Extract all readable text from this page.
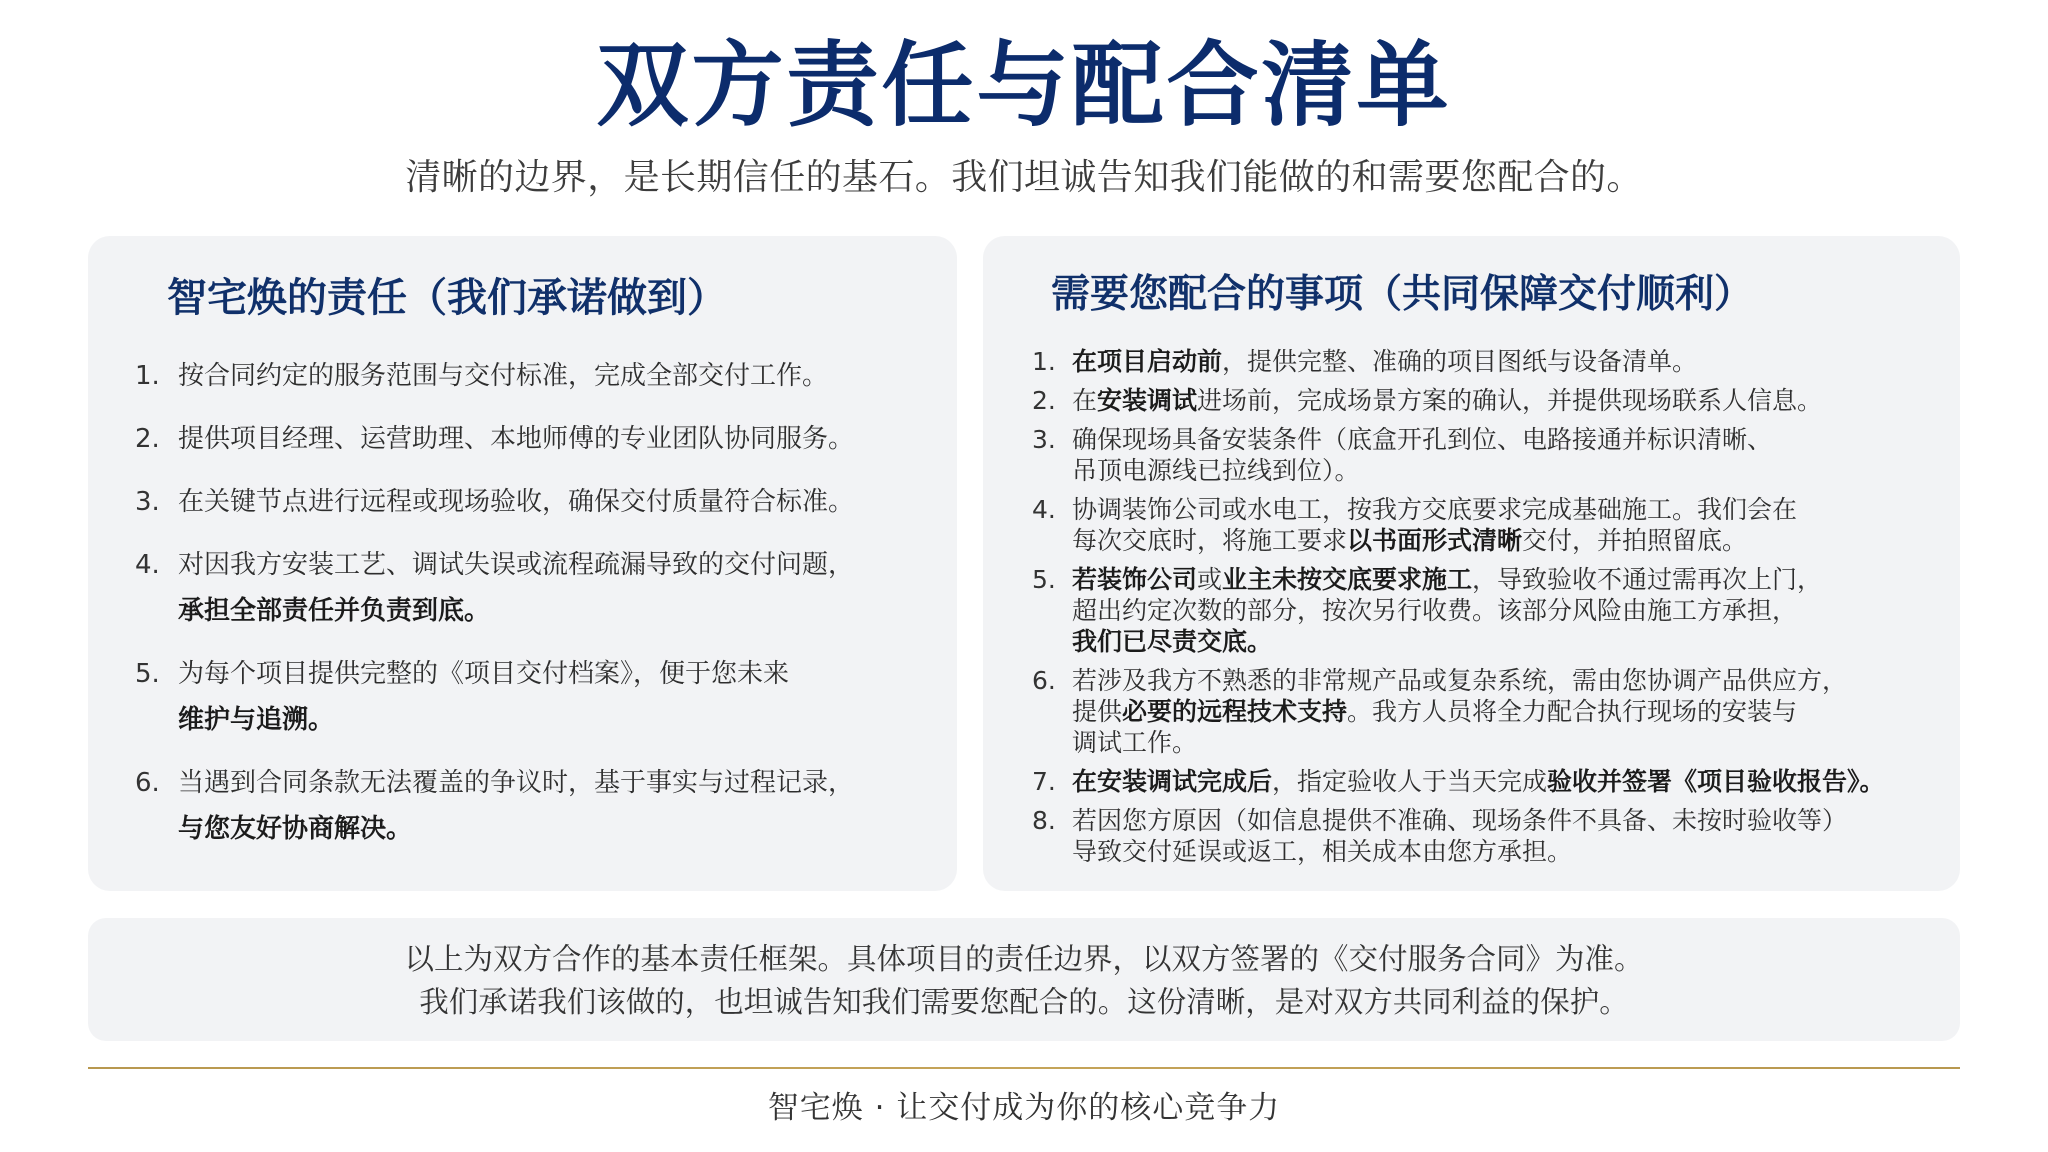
双方责任与配合清单

清晰的边界，是长期信任的基石。我们坦诚告知我们能做的和需要您配合的。

智宅焕的责任（我们承诺做到）
1. 按合同约定的服务范围与交付标准，完成全部交付工作。
2. 提供项目经理、运营助理、本地师傅的专业团队协同服务。
3. 在关键节点进行远程或现场验收，确保交付质量符合标准。
4. 对因我方安装工艺、调试失误或流程疏漏导致的交付问题，
承担全部责任并负责到底。
5. 为每个项目提供完整的《项目交付档案》，便于您未来
维护与追溯。
6. 当遇到合同条款无法覆盖的争议时，基于事实与过程记录，
与您友好协商解决。
需要您配合的事项（共同保障交付顺利）
1. 在项目启动前，提供完整、准确的项目图纸与设备清单。
2. 在安装调试进场前，完成场景方案的确认，并提供现场联系人信息。
3. 确保现场具备安装条件（底盒开孔到位、电路接通并标识清晰、
吊顶电源线已拉线到位）。
4. 协调装饰公司或水电工，按我方交底要求完成基础施工。我们会在
每次交底时，将施工要求以书面形式清晰交付，并拍照留底。
5. 若装饰公司或业主未按交底要求施工，导致验收不通过需再次上门，
超出约定次数的部分，按次另行收费。该部分风险由施工方承担，
我们已尽责交底。
6. 若涉及我方不熟悉的非常规产品或复杂系统，需由您协调产品供应方，
提供必要的远程技术支持。我方人员将全力配合执行现场的安装与
调试工作。
7. 在安装调试完成后，指定验收人于当天完成验收并签署《项目验收报告》。
8. 若因您方原因（如信息提供不准确、现场条件不具备、未按时验收等）
导致交付延误或返工，相关成本由您方承担。
以上为双方合作的基本责任框架。具体项目的责任边界，以双方签署的《交付服务合同》为准。
我们承诺我们该做的，也坦诚告知我们需要您配合的。这份清晰，是对双方共同利益的保护。
智宅焕 · 让交付成为你的核心竞争力
